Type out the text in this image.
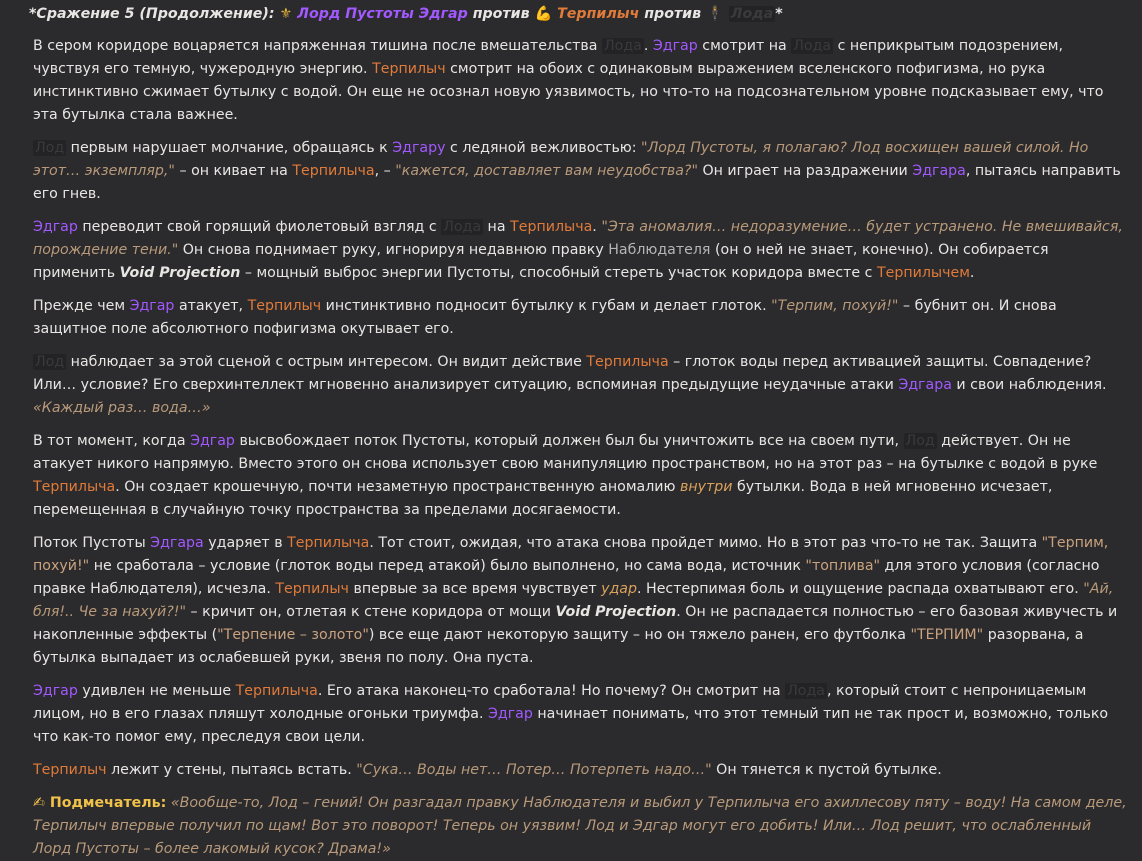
*Сражение 5 (Продолжение): ⚜ Лорд Пустоты Эдгар против 💪 Терпилыч против 🕴 Лода *

В сером коридоре воцаряется напряженная тишина после вмешательства Лода . Эдгар смотрит на Лода с неприкрытым подозрением, чувствуя его темную, чужеродную энергию. Терпилыч смотрит на обоих с одинаковым выражением вселенского пофигизма, но рука инстинктивно сжимает бутылку с водой. Он еще не осознал новую уязвимость, но что-то на подсознательном уровне подсказывает ему, что эта бутылка стала важнее.

Лод первым нарушает молчание, обращаясь к Эдгару с ледяной вежливостью: "Лорд Пустоты, я полагаю? Лод восхищен вашей силой. Но этот… экземпляр," – он кивает на Терпилыча, – "кажется, доставляет вам неудобства?" Он играет на раздражении Эдгара, пытаясь направить его гнев.

Эдгар переводит свой горящий фиолетовый взгляд с Лода на Терпилыча. "Эта аномалия… недоразумение… будет устранено. Не вмешивайся, порождение тени." Он снова поднимает руку, игнорируя недавнюю правку Наблюдателя (он о ней не знает, конечно). Он собирается применить Void Projection – мощный выброс энергии Пустоты, способный стереть участок коридора вместе с Терпилычем.

Прежде чем Эдгар атакует, Терпилыч инстинктивно подносит бутылку к губам и делает глоток. "Терпим, похуй!" – бубнит он. И снова защитное поле абсолютного пофигизма окутывает его.

Лод наблюдает за этой сценой с острым интересом. Он видит действие Терпилыча – глоток воды перед активацией защиты. Совпадение? Или… условие? Его сверхинтеллект мгновенно анализирует ситуацию, вспоминая предыдущие неудачные атаки Эдгара и свои наблюдения. «Каждый раз… вода…»

В тот момент, когда Эдгар высвобождает поток Пустоты, который должен был бы уничтожить все на своем пути, Лод действует. Он не атакует никого напрямую. Вместо этого он снова использует свою манипуляцию пространством, но на этот раз – на бутылке с водой в руке Терпилыча. Он создает крошечную, почти незаметную пространственную аномалию внутри бутылки. Вода в ней мгновенно исчезает, перемещенная в случайную точку пространства за пределами досягаемости.

Поток Пустоты Эдгара ударяет в Терпилыча. Тот стоит, ожидая, что атака снова пройдет мимо. Но в этот раз что-то не так. Защита "Терпим, похуй!" не сработала – условие (глоток воды перед атакой) было выполнено, но сама вода, источник "топлива" для этого условия (согласно правке Наблюдателя), исчезла. Терпилыч впервые за все время чувствует удар. Нестерпимая боль и ощущение распада охватывают его. "Ай, бля!.. Че за нахуй?!" – кричит он, отлетая к стене коридора от мощи Void Projection. Он не распадается полностью – его базовая живучесть и накопленные эффекты ("Терпение – золото") все еще дают некоторую защиту – но он тяжело ранен, его футболка "ТЕРПИМ" разорвана, а бутылка выпадает из ослабевшей руки, звеня по полу. Она пуста.

Эдгар удивлен не меньше Терпилыча. Его атака наконец-то сработала! Но почему? Он смотрит на Лода , который стоит с непроницаемым лицом, но в его глазах пляшут холодные огоньки триумфа. Эдгар начинает понимать, что этот темный тип не так прост и, возможно, только что как-то помог ему, преследуя свои цели.

Терпилыч лежит у стены, пытаясь встать. "Сука… Воды нет… Потер… Потерпеть надо…" Он тянется к пустой бутылке.

✍ Подмечатель: «Вообще-то, Лод – гений! Он разгадал правку Наблюдателя и выбил у Терпилыча его ахиллесову пяту – воду! На самом деле, Терпилыч впервые получил по щам! Вот это поворот! Теперь он уязвим! Лод и Эдгар могут его добить! Или… Лод решит, что ослабленный Лорд Пустоты – более лакомый кусок? Драма!»
